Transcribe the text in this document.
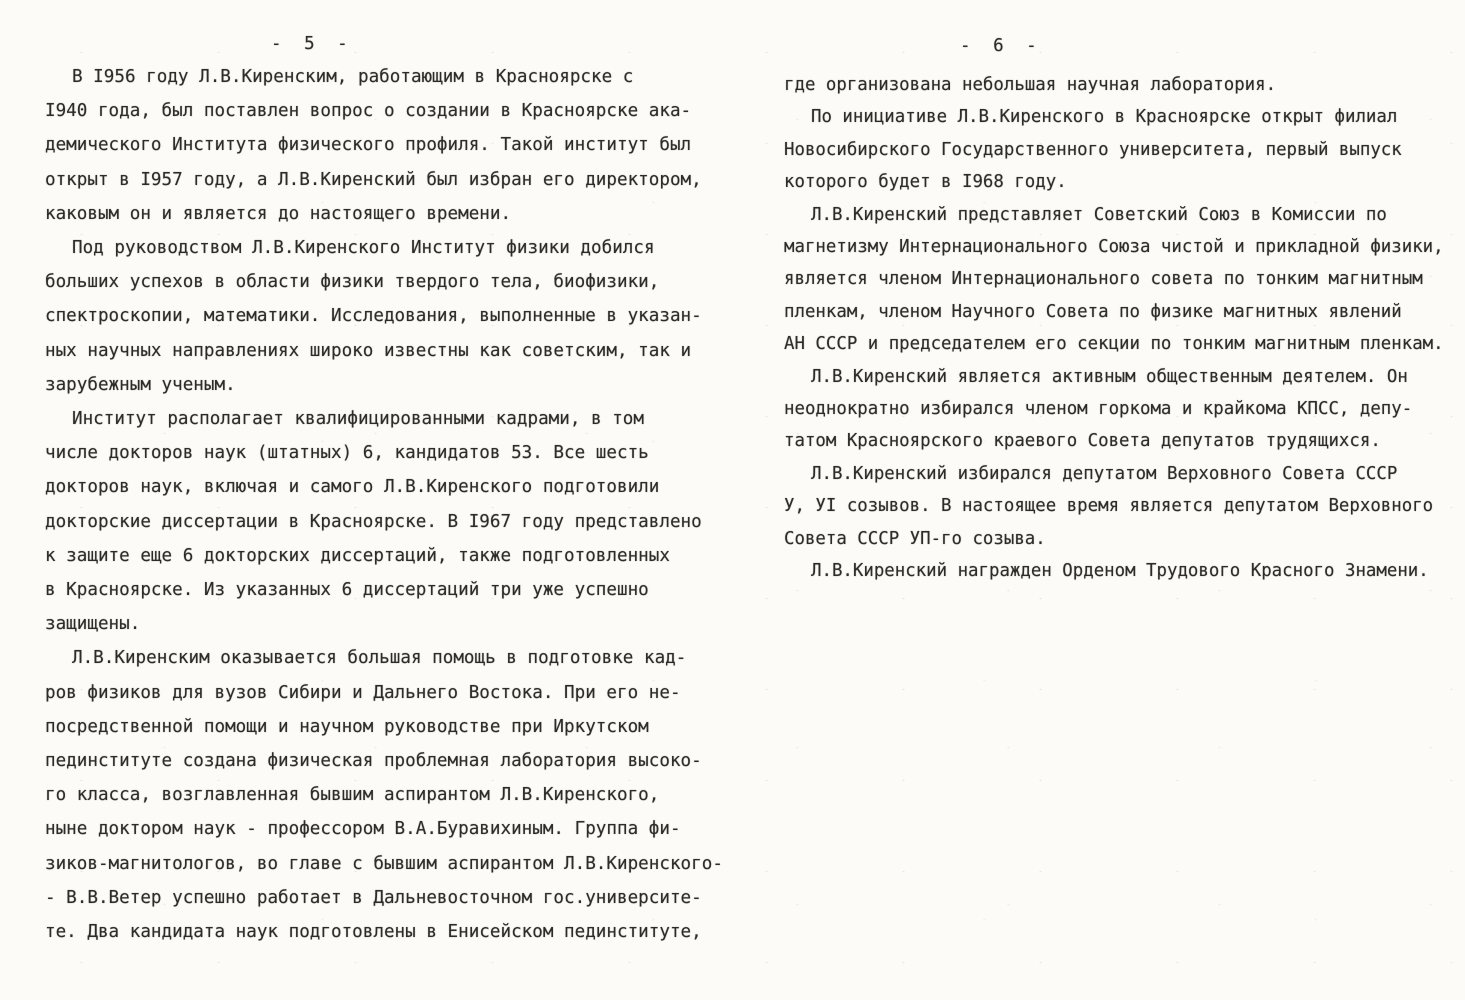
- 5 -
В I956 году Л.В.Киренским, работающим в Красноярске с
I940 года, был поставлен вопрос о создании в Красноярске ака-
демического Института физического профиля. Такой институт был
открыт в I957 году, а Л.В.Киренский был избран его директором,
каковым он и является до настоящего времени.
Под руководством Л.В.Киренского Институт физики добился
больших успехов в области физики твердого тела, биофизики,
спектроскопии, математики. Исследования, выполненные в указан-
ных научных направлениях широко известны как советским, так и
зарубежным ученым.
Институт располагает квалифицированными кадрами, в том
числе докторов наук (штатных) 6, кандидатов 53. Все шесть
докторов наук, включая и самого Л.В.Киренского подготовили
докторские диссертации в Красноярске. В I967 году представлено
к защите еще 6 докторских диссертаций, также подготовленных
в Красноярске. Из указанных 6 диссертаций три уже успешно
защищены.
Л.В.Киренским оказывается большая помощь в подготовке кад-
ров физиков для вузов Сибири и Дальнего Востока. При его не-
посредственной помощи и научном руководстве при Иркутском
пединституте создана физическая проблемная лаборатория высоко-
го класса, возглавленная бывшим аспирантом Л.В.Киренского,
ныне доктором наук - профессором В.А.Буравихиным. Группа фи-
зиков-магнитологов, во главе с бывшим аспирантом Л.В.Киренского-
- В.В.Ветер успешно работает в Дальневосточном гос.университе-
те. Два кандидата наук подготовлены в Енисейском пединституте,
- 6 -
где организована небольшая научная лаборатория.
По инициативе Л.В.Киренского в Красноярске открыт филиал
Новосибирского Государственного университета, первый выпуск
которого будет в I968 году.
Л.В.Киренский представляет Советский Союз в Комиссии по
магнетизму Интернационального Союза чистой и прикладной физики,
является членом Интернационального совета по тонким магнитным
пленкам, членом Научного Совета по физике магнитных явлений
АН СССР и председателем его секции по тонким магнитным пленкам.
Л.В.Киренский является активным общественным деятелем. Он
неоднократно избирался членом горкома и крайкома КПСС, депу-
татом Красноярского краевого Совета депутатов трудящихся.
Л.В.Киренский избирался депутатом Верховного Совета СССР
У, УI созывов. В настоящее время является депутатом Верховного
Совета СССР УП-го созыва.
Л.В.Киренский награжден Орденом Трудового Красного Знамени.
